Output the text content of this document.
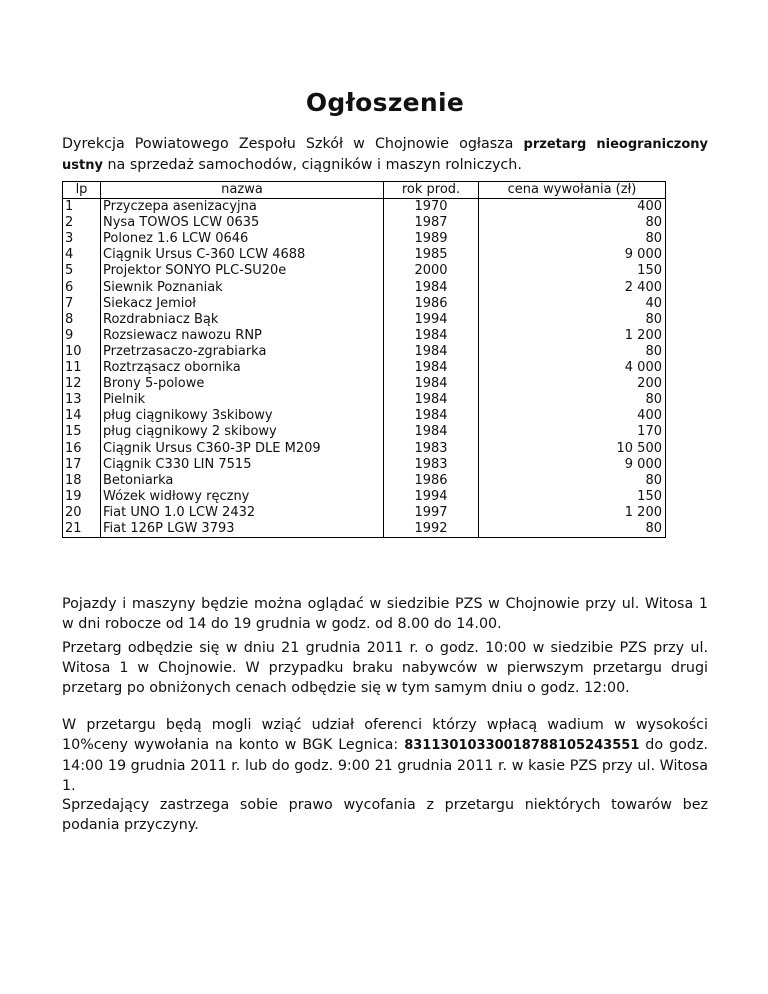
Ogłoszenie
Dyrekcja Powiatowego Zespołu Szkół w Chojnowie ogłasza przetarg nieograniczony ustny na sprzedaż samochodów, ciągników i maszyn rolniczych.
lp	nazwa	rok prod.	cena wywołania (zł)
1	Przyczepa asenizacyjna	1970	400
2	Nysa TOWOS LCW 0635	1987	80
3	Polonez 1.6 LCW 0646	1989	80
4	Ciągnik Ursus C-360 LCW 4688	1985	9 000
5	Projektor SONYO PLC-SU20e	2000	150
6	Siewnik Poznaniak	1984	2 400
7	Siekacz Jemioł	1986	40
8	Rozdrabniacz Bąk	1994	80
9	Rozsiewacz nawozu RNP	1984	1 200
10	Przetrzasaczo-zgrabiarka	1984	80
11	Roztrząsacz obornika	1984	4 000
12	Brony 5-polowe	1984	200
13	Pielnik	1984	80
14	pług ciągnikowy 3skibowy	1984	400
15	pług ciągnikowy 2 skibowy	1984	170
16	Ciągnik Ursus C360-3P DLE M209	1983	10 500
17	Ciągnik C330 LIN 7515	1983	9 000
18	Betoniarka	1986	80
19	Wózek widłowy ręczny	1994	150
20	Fiat UNO 1.0 LCW 2432	1997	1 200
21	Fiat 126P LGW 3793	1992	80

Pojazdy i maszyny będzie można oglądać w siedzibie PZS w Chojnowie przy ul. Witosa 1 w dni robocze od 14 do 19 grudnia w godz. od 8.00 do 14.00.

Przetarg odbędzie się w dniu 21 grudnia 2011 r. o godz. 10:00 w siedzibie PZS przy ul. Witosa 1 w Chojnowie. W przypadku braku nabywców w pierwszym przetargu drugi przetarg po obniżonych cenach odbędzie się w tym samym dniu o godz. 12:00.

W przetargu będą mogli wziąć udział oferenci którzy wpłacą wadium w wysokości 10%ceny wywołania na konto w BGK Legnica: 83113010330018788105243551 do godz. 14:00 19 grudnia 2011 r. lub do godz. 9:00 21 grudnia 2011 r. w kasie PZS przy ul. Witosa 1.

Sprzedający zastrzega sobie prawo wycofania z przetargu niektórych towarów bez podania przyczyny.
